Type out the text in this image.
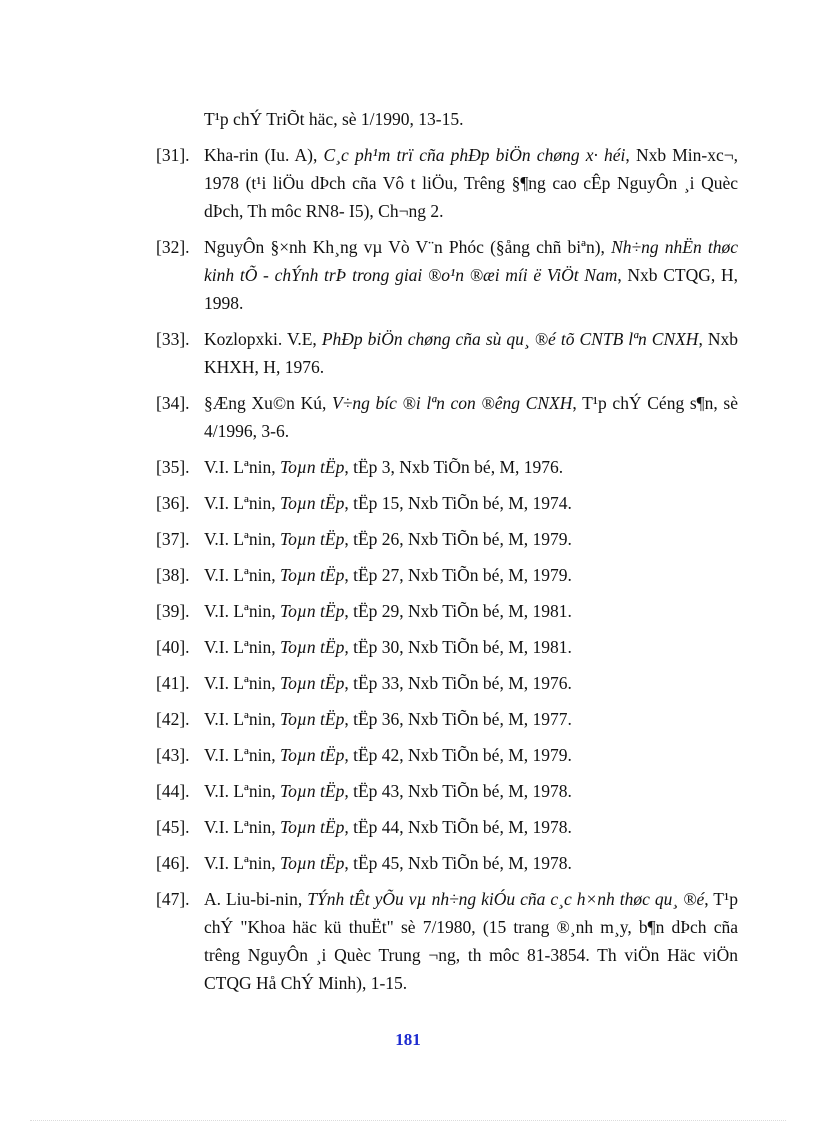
T¹p chÝ TriÕt häc, sè 1/1990, 13-15.

[31]. Kha-rin (Iu. A), C¸c ph¹m trï cña phÐp biÖn chøng x· héi, Nxb Min-xc¬, 1978 (t¹i liÖu dÞch cña Vô t liÖu, Trêng §¶ng cao cÊp NguyÔn ¸i Quèc dÞch, Th môc RN8- I5), Ch¬ng 2.
[32]. NguyÔn §×nh Kh¸ng vµ Vò V¨n Phóc (§ång chñ biªn), Nh÷ng nhËn thøc kinh tÕ - chÝnh trÞ trong giai ®o¹n ®æi míi ë ViÖt Nam, Nxb CTQG, H, 1998.
[33]. Kozlopxki. V.E, PhÐp biÖn chøng cña sù qu¸ ®é tõ CNTB lªn CNXH, Nxb KHXH, H, 1976.
[34]. §Æng Xu©n Kú, V÷ng bíc ®i lªn con ®êng CNXH, T¹p chÝ Céng s¶n, sè 4/1996, 3-6.
[35]. V.I. Lªnin, Toµn tËp, tËp 3, Nxb TiÕn bé, M, 1976.
[36]. V.I. Lªnin, Toµn tËp, tËp 15, Nxb TiÕn bé, M, 1974.
[37]. V.I. Lªnin, Toµn tËp, tËp 26, Nxb TiÕn bé, M, 1979.
[38]. V.I. Lªnin, Toµn tËp, tËp 27, Nxb TiÕn bé, M, 1979.
[39]. V.I. Lªnin, Toµn tËp, tËp 29, Nxb TiÕn bé, M, 1981.
[40]. V.I. Lªnin, Toµn tËp, tËp 30, Nxb TiÕn bé, M, 1981.
[41]. V.I. Lªnin, Toµn tËp, tËp 33, Nxb TiÕn bé, M, 1976.
[42]. V.I. Lªnin, Toµn tËp, tËp 36, Nxb TiÕn bé, M, 1977.
[43]. V.I. Lªnin, Toµn tËp, tËp 42, Nxb TiÕn bé, M, 1979.
[44]. V.I. Lªnin, Toµn tËp, tËp 43, Nxb TiÕn bé, M, 1978.
[45]. V.I. Lªnin, Toµn tËp, tËp 44, Nxb TiÕn bé, M, 1978.
[46]. V.I. Lªnin, Toµn tËp, tËp 45, Nxb TiÕn bé, M, 1978.
[47]. A. Liu-bi-nin, TÝnh tÊt yÕu vµ nh÷ng kiÓu cña c¸c h×nh thøc qu¸ ®é, T¹p chÝ "Khoa häc kü thuËt" sè 7/1980, (15 trang ®¸nh m¸y, b¶n dÞch cña trêng NguyÔn ¸i Quèc Trung ¬ng, th môc 81-3854. Th viÖn Häc viÖn CTQG Hå ChÝ Minh), 1-15.
181
